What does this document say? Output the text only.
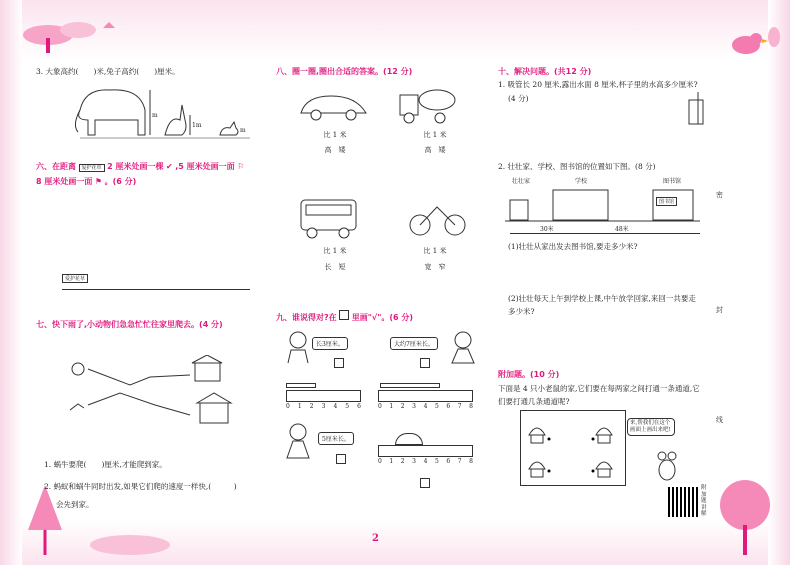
3. 大象高约(　　)米,兔子高约(　　)厘米。
m
1m
m
六、在距离 爱护花草 2 厘米处画一棵 ✔ ,5 厘米处画一面 ⚐
8 厘米处画一面 ⚑ 。(6 分)
爱护花草
七、快下雨了,小动物们急急忙忙往家里爬去。(4 分)
1. 蜗牛要爬(　　)厘米,才能爬到家。
2. 蚂蚁和蜗牛同时出发,如果它们爬的速度一样快,(　　　)
会先到家。
八、圈一圈,圈出合适的答案。(12 分)
比 1 米
高　矮
比 1 米
高　矮
比 1 米
长　短
比 1 米
宽　窄
九、谁说得对?在 里画"√"。(6 分)
长3厘米。	大约7厘米长。
0 1 2 3 4 5 6	0 1 2 3 4 5 6 7 8
5厘米长。
0 1 2 3 4 5 6 7 8
十、解决问题。(共12 分)
1. 吸管长 20 厘米,露出水面 8 厘米,杯子里的水高多少厘米?
(4 分)
2. 壮壮家、学校、图书馆的位置如下图。(8 分)
壮壮家	学校	图书馆
图书馆
30米	48米
(1)壮壮从家出发去图书馆,要走多少米?
(2)壮壮每天上午到学校上课,中午放学回家,来回一共要走
多少米?
附加题。(10 分)
下面是 4 只小老鼠的家,它们要在每两家之间打通一条通道,它
们要打通几条通道呢?
来,帮我们在这个画面上画出来吧!
附加题讲解
密
封
线
2
